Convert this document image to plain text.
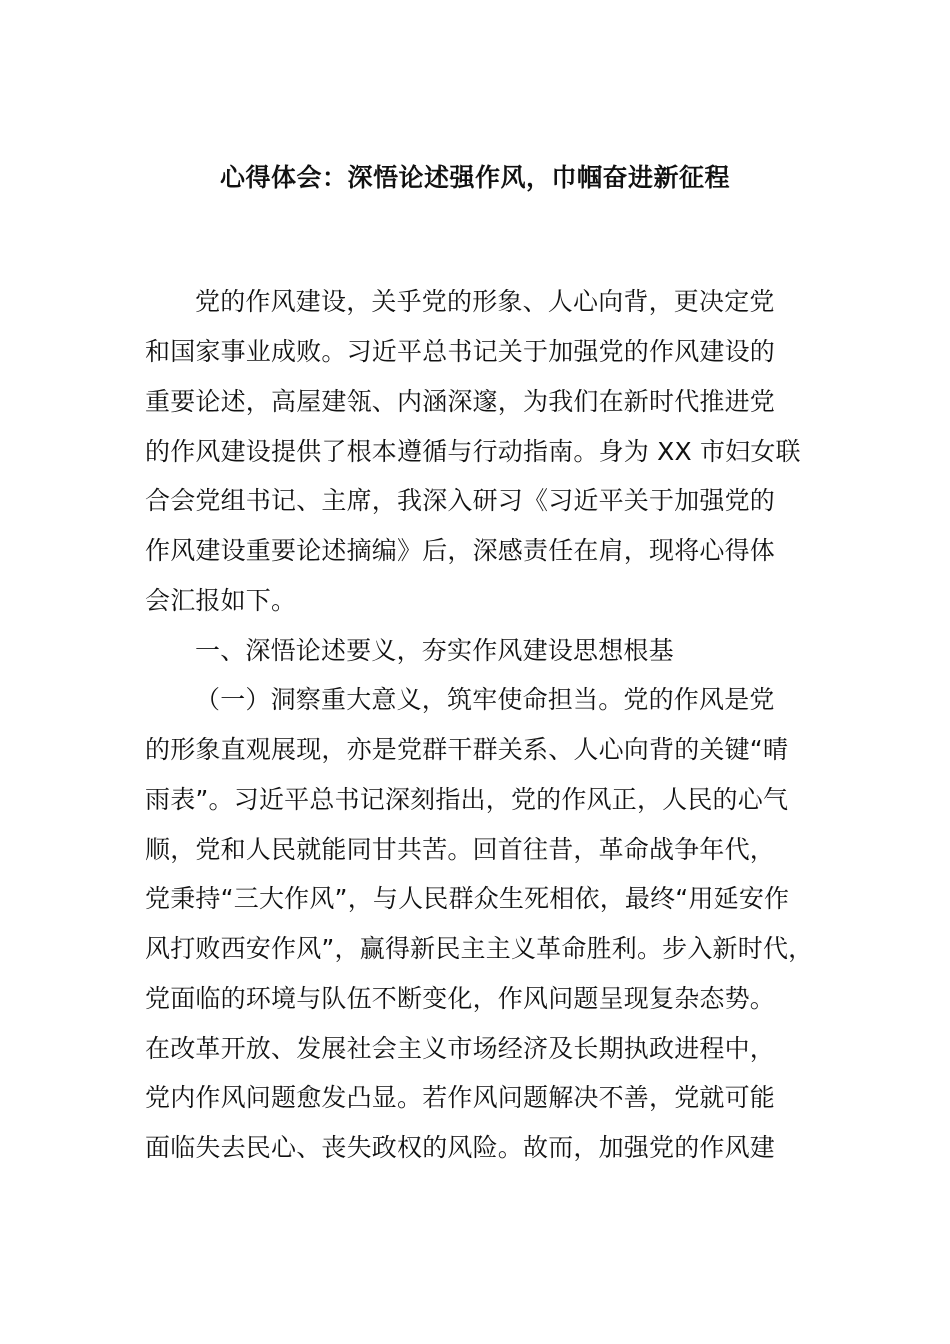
心得体会：深悟论述强作风，巾帼奋进新征程
党的作风建设，关乎党的形象、人心向背，更决定党
和国家事业成败。习近平总书记关于加强党的作风建设的
重要论述，高屋建瓴、内涵深邃，为我们在新时代推进党
的作风建设提供了根本遵循与行动指南。身为 XX 市妇女联
合会党组书记、主席，我深入研习《习近平关于加强党的
作风建设重要论述摘编》后，深感责任在肩，现将心得体
会汇报如下。
一、深悟论述要义，夯实作风建设思想根基
（一）洞察重大意义，筑牢使命担当。党的作风是党
的形象直观展现，亦是党群干群关系、人心向背的关键“晴
雨表”。习近平总书记深刻指出，党的作风正，人民的心气
顺，党和人民就能同甘共苦。回首往昔，革命战争年代，
党秉持“三大作风”，与人民群众生死相依，最终“用延安作
风打败西安作风”，赢得新民主主义革命胜利。步入新时代，
党面临的环境与队伍不断变化，作风问题呈现复杂态势。
在改革开放、发展社会主义市场经济及长期执政进程中，
党内作风问题愈发凸显。若作风问题解决不善，党就可能
面临失去民心、丧失政权的风险。故而，加强党的作风建
